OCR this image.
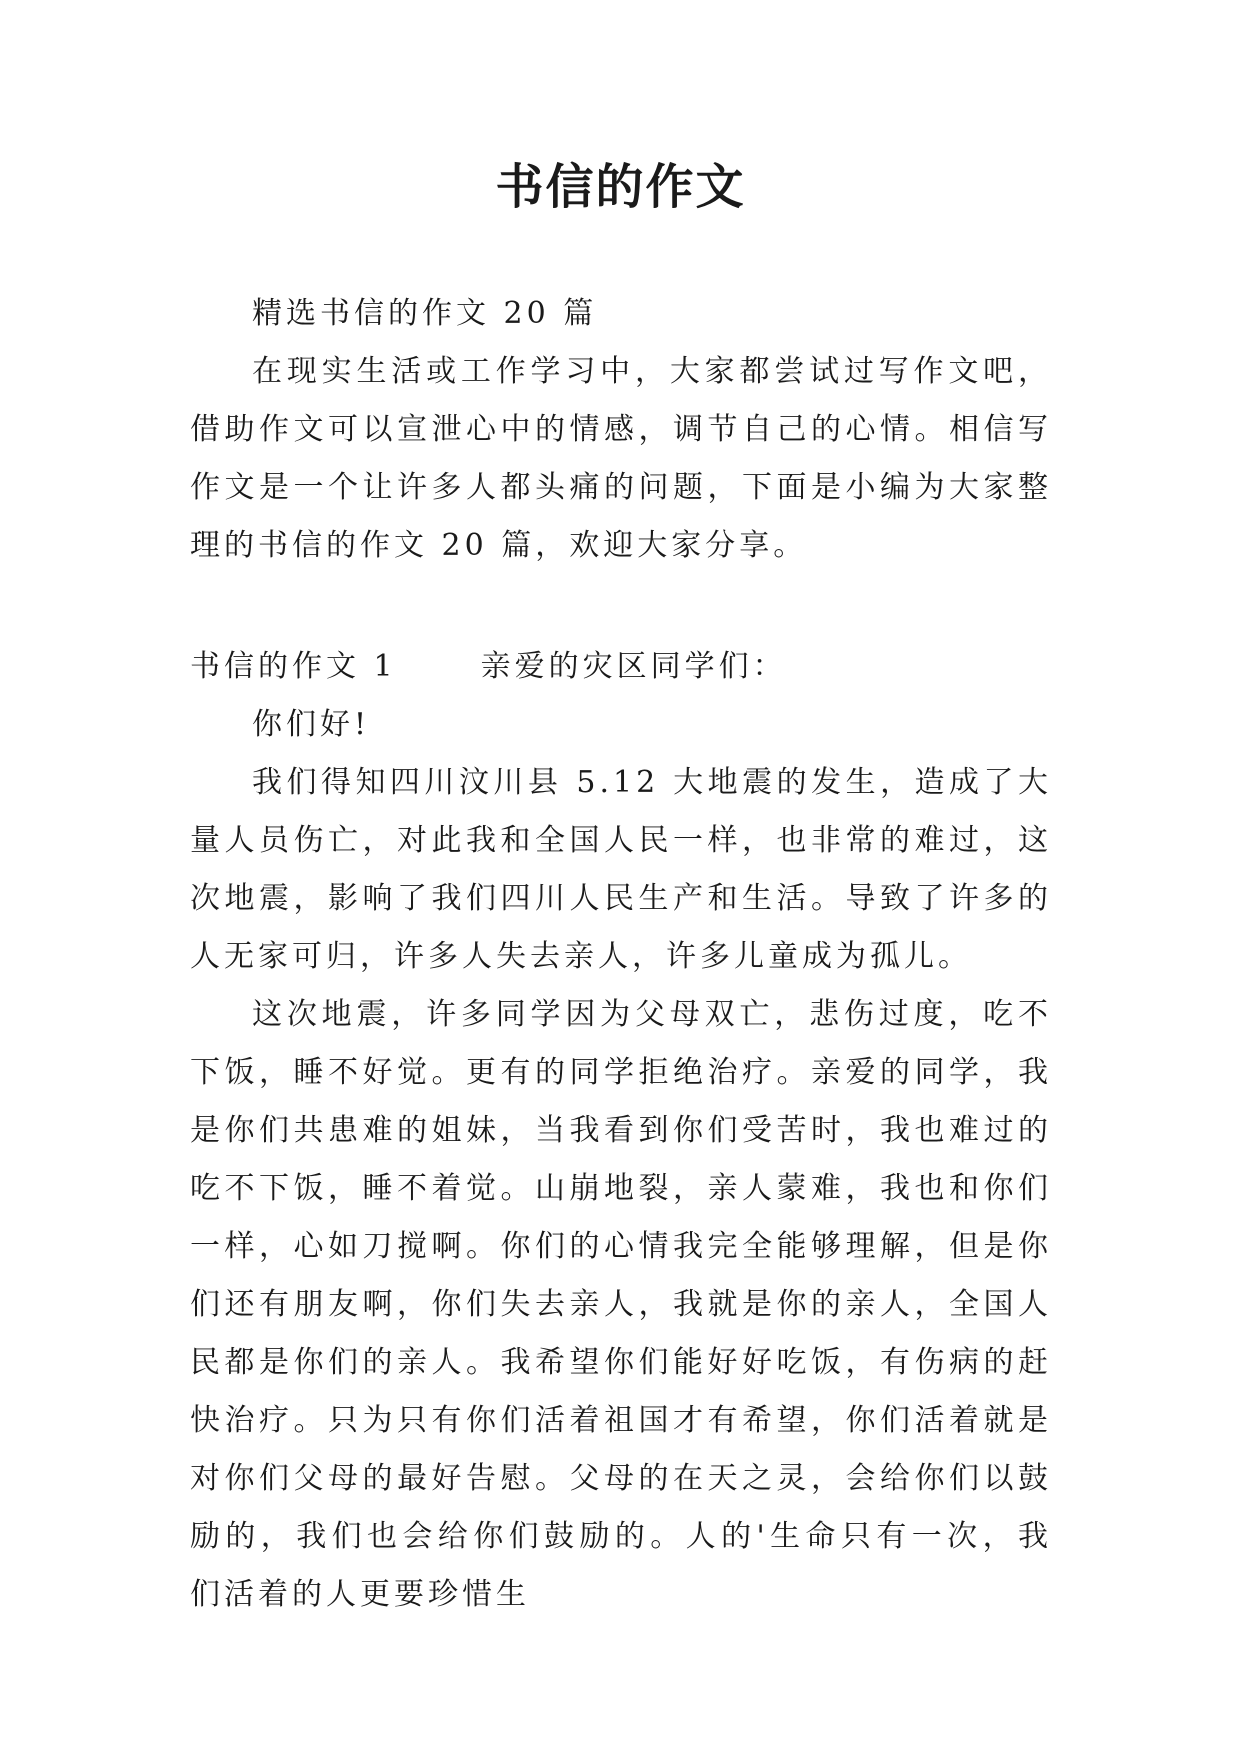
书信的作文

精选书信的作文 20 篇

在现实生活或工作学习中，大家都尝试过写作文吧，借助作文可以宣泄心中的情感，调节自己的心情。相信写作文是一个让许多人都头痛的问题，下面是小编为大家整理的书信的作文 20 篇，欢迎大家分享。

书信的作文 1	亲爱的灾区同学们：

你们好!

我们得知四川汶川县 5.12 大地震的发生，造成了大量人员伤亡，对此我和全国人民一样，也非常的难过，这次地震，影响了我们四川人民生产和生活。导致了许多的人无家可归，许多人失去亲人，许多儿童成为孤儿。

这次地震，许多同学因为父母双亡，悲伤过度，吃不下饭，睡不好觉。更有的同学拒绝治疗。亲爱的同学，我是你们共患难的姐妹，当我看到你们受苦时，我也难过的吃不下饭，睡不着觉。山崩地裂，亲人蒙难，我也和你们一样，心如刀搅啊。你们的心情我完全能够理解，但是你们还有朋友啊，你们失去亲人，我就是你的亲人，全国人民都是你们的亲人。我希望你们能好好吃饭，有伤病的赶快治疗。只为只有你们活着祖国才有希望，你们活着就是对你们父母的最好告慰。父母的在天之灵，会给你们以鼓励的，我们也会给你们鼓励的。人的'生命只有一次，我们活着的人更要珍惜生
